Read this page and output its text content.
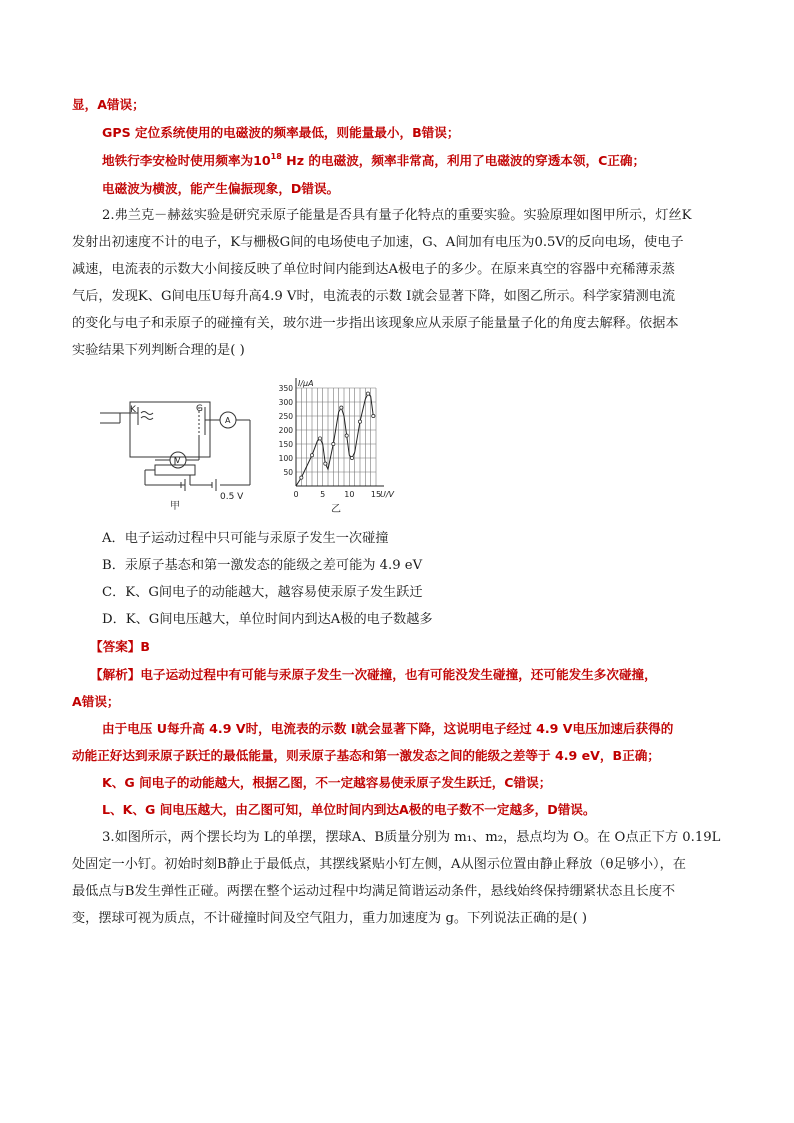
显，A错误；
GPS 定位系统使用的电磁波的频率最低，则能量最小，B错误；
地铁行李安检时使用频率为$10^{18}$ Hz 的电磁波，频率非常高，利用了电磁波的穿透本领，C正确；
电磁波为横波，能产生偏振现象，D错误。
2.弗兰克－赫兹实验是研究汞原子能量是否具有量子化特点的重要实验。实验原理如图甲所示，灯丝K
发射出初速度不计的电子，K与栅极G间的电场使电子加速，G、A间加有电压为0.5V的反向电场，使电子
减速，电流表的示数大小间接反映了单位时间内能到达A极电子的多少。在原来真空的容器中充稀薄汞蒸
气后，发现K、G间电压U每升高4.9 V时，电流表的示数 I就会显著下降，如图乙所示。科学家猜测电流
的变化与电子和汞原子的碰撞有关，玻尔进一步指出该现象应从汞原子能量量子化的角度去解释。依据本
实验结果下列判断合理的是( )
K	G
A
V
0.5 V
甲
50
100
150
200
250
300
350
0	5 10 15
I/μA
U/V
乙
A．电子运动过程中只可能与汞原子发生一次碰撞
B．汞原子基态和第一激发态的能级之差可能为 4.9 eV
C．K、G间电子的动能越大，越容易使汞原子发生跃迁
D．K、G间电压越大，单位时间内到达A极的电子数越多
【答案】B
【解析】电子运动过程中有可能与汞原子发生一次碰撞，也有可能没发生碰撞，还可能发生多次碰撞，
A错误；
由于电压 U每升高 4.9 V时，电流表的示数 I就会显著下降，这说明电子经过 4.9 V电压加速后获得的
动能正好达到汞原子跃迁的最低能量，则汞原子基态和第一激发态之间的能级之差等于 4.9 eV，B正确；
K、G 间电子的动能越大，根据乙图，不一定越容易使汞原子发生跃迁，C错误；
L、K、G 间电压越大，由乙图可知，单位时间内到达A极的电子数不一定越多，D错误。
3.如图所示，两个摆长均为 L的单摆，摆球A、B质量分别为 m₁、m₂，悬点均为 O。在 O点正下方 0.19L
处固定一小钉。初始时刻B静止于最低点，其摆线紧贴小钉左侧，A从图示位置由静止释放（θ足够小），在
最低点与B发生弹性正碰。两摆在整个运动过程中均满足简谐运动条件，悬线始终保持绷紧状态且长度不
变，摆球可视为质点，不计碰撞时间及空气阻力，重力加速度为 g。下列说法正确的是( )
